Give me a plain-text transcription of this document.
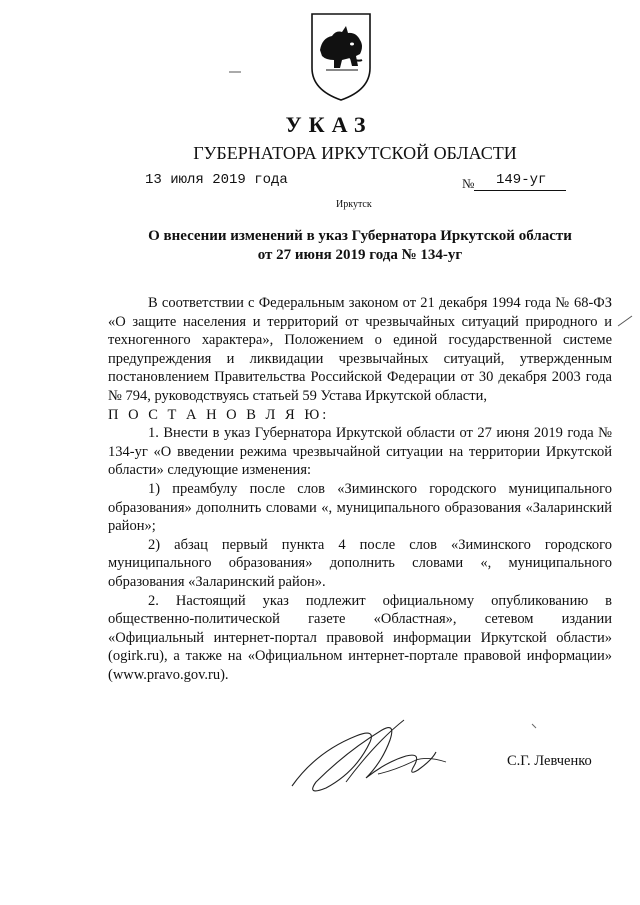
УКАЗ
ГУБЕРНАТОРА ИРКУТСКОЙ ОБЛАСТИ
13 июля 2019 года	№ 149-уг
Иркутск
О внесении изменений в указ Губернатора Иркутской области
от 27 июня 2019 года № 134-уг

В соответствии с Федеральным законом от 21 декабря 1994 года № 68-ФЗ «О защите населения и территорий от чрезвычайных ситуаций природного и техногенного характера», Положением о единой государственной системе предупреждения и ликвидации чрезвычайных ситуаций, утвержденным постановлением Правительства Российской Федерации от 30 декабря 2003 года № 794, руководствуясь статьей 59 Устава Иркутской области,

П О С Т А Н О В Л Я Ю:

1. Внести в указ Губернатора Иркутской области от 27 июня 2019 года № 134-уг «О введении режима чрезвычайной ситуации на территории Иркутской области» следующие изменения:

1) преамбулу после слов «Зиминского городского муниципального образования» дополнить словами «, муниципального образования «Заларинский район»;

2) абзац первый пункта 4 после слов «Зиминского городского муниципального образования» дополнить словами «, муниципального образования «Заларинский район».

2. Настоящий указ подлежит официальному опубликованию в общественно-политической газете «Областная», сетевом издании «Официальный интернет-портал правовой информации Иркутской области» (ogirk.ru), а также на «Официальном интернет-портале правовой информации» (www.pravo.gov.ru).

С.Г. Левченко
